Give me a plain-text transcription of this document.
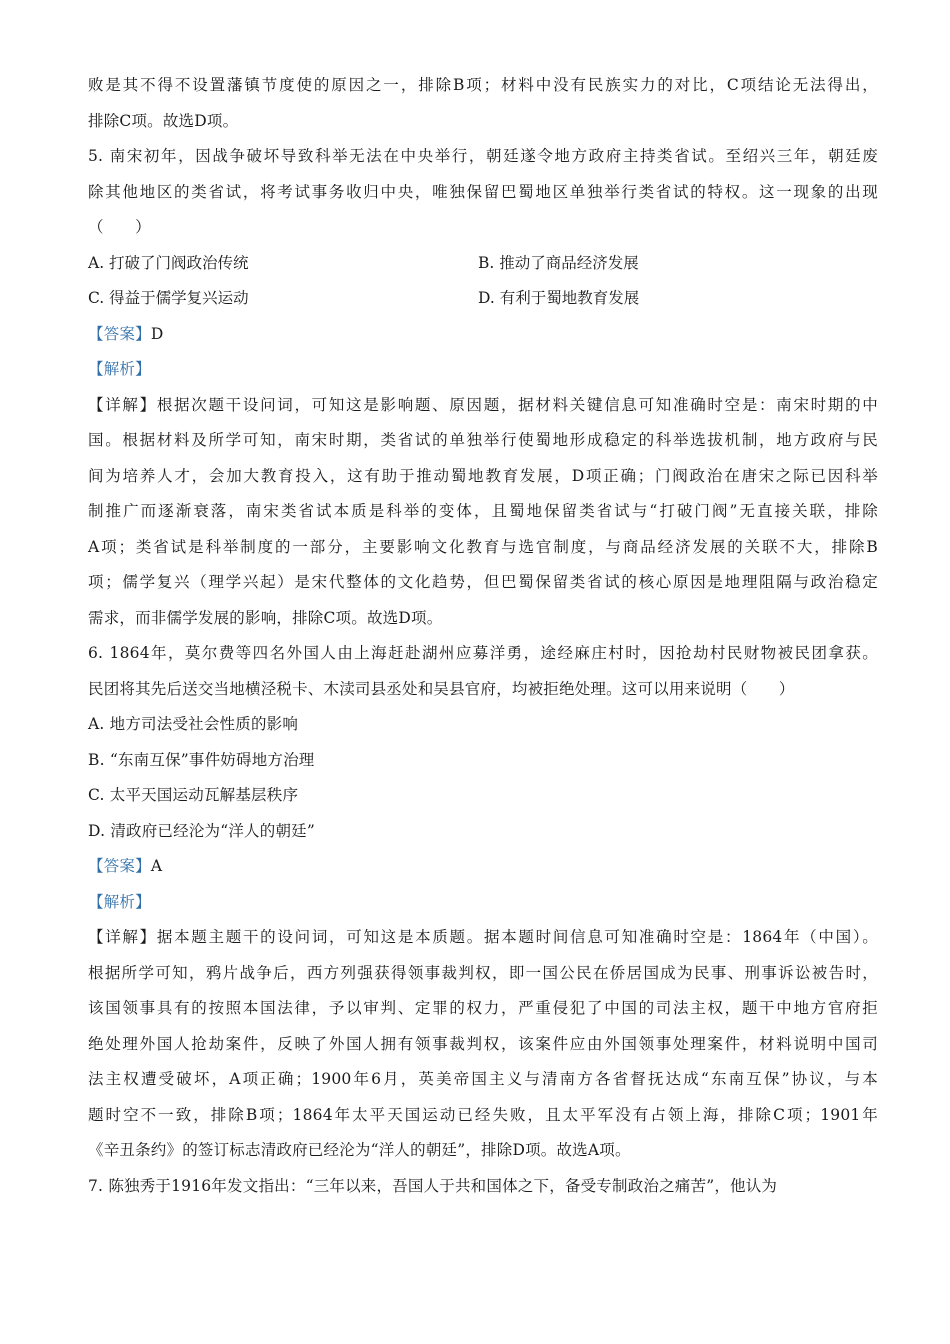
败是其不得不设置藩镇节度使的原因之一，排除B项；材料中没有民族实力的对比，C项结论无法得出，
排除C项。故选D项。
5. 南宋初年，因战争破坏导致科举无法在中央举行，朝廷遂令地方政府主持类省试。至绍兴三年，朝廷废
除其他地区的类省试，将考试事务收归中央，唯独保留巴蜀地区单独举行类省试的特权。这一现象的出现
（　　）
A. 打破了门阀政治传统	B. 推动了商品经济发展
C. 得益于儒学复兴运动	D. 有利于蜀地教育发展
【答案】D
【解析】
【详解】根据次题干设问词，可知这是影响题、原因题，据材料关键信息可知准确时空是：南宋时期的中
国。根据材料及所学可知，南宋时期，类省试的单独举行使蜀地形成稳定的科举选拔机制，地方政府与民
间为培养人才，会加大教育投入，这有助于推动蜀地教育发展，D项正确；门阀政治在唐宋之际已因科举
制推广而逐渐衰落，南宋类省试本质是科举的变体，且蜀地保留类省试与“打破门阀”无直接关联，排除
A项；类省试是科举制度的一部分，主要影响文化教育与选官制度，与商品经济发展的关联不大，排除B
项；儒学复兴（理学兴起）是宋代整体的文化趋势，但巴蜀保留类省试的核心原因是地理阻隔与政治稳定
需求，而非儒学发展的影响，排除C项。故选D项。
6. 1864年，莫尔费等四名外国人由上海赶赴湖州应募洋勇，途经麻庄村时，因抢劫村民财物被民团拿获。
民团将其先后送交当地横泾税卡、木渎司县丞处和吴县官府，均被拒绝处理。这可以用来说明（　　）
A. 地方司法受社会性质的影响
B. “东南互保”事件妨碍地方治理
C. 太平天国运动瓦解基层秩序
D. 清政府已经沦为“洋人的朝廷”
【答案】A
【解析】
【详解】据本题主题干的设问词，可知这是本质题。据本题时间信息可知准确时空是：1864年（中国）。
根据所学可知，鸦片战争后，西方列强获得领事裁判权，即一国公民在侨居国成为民事、刑事诉讼被告时，
该国领事具有的按照本国法律，予以审判、定罪的权力，严重侵犯了中国的司法主权，题干中地方官府拒
绝处理外国人抢劫案件，反映了外国人拥有领事裁判权，该案件应由外国领事处理案件，材料说明中国司
法主权遭受破坏，A项正确；1900年6月，英美帝国主义与清南方各省督抚达成“东南互保”协议，与本
题时空不一致，排除B项；1864年太平天国运动已经失败，且太平军没有占领上海，排除C项；1901年
《辛丑条约》的签订标志清政府已经沦为“洋人的朝廷”，排除D项。故选A项。
7. 陈独秀于1916年发文指出：“三年以来，吾国人于共和国体之下，备受专制政治之痛苦”，他认为
